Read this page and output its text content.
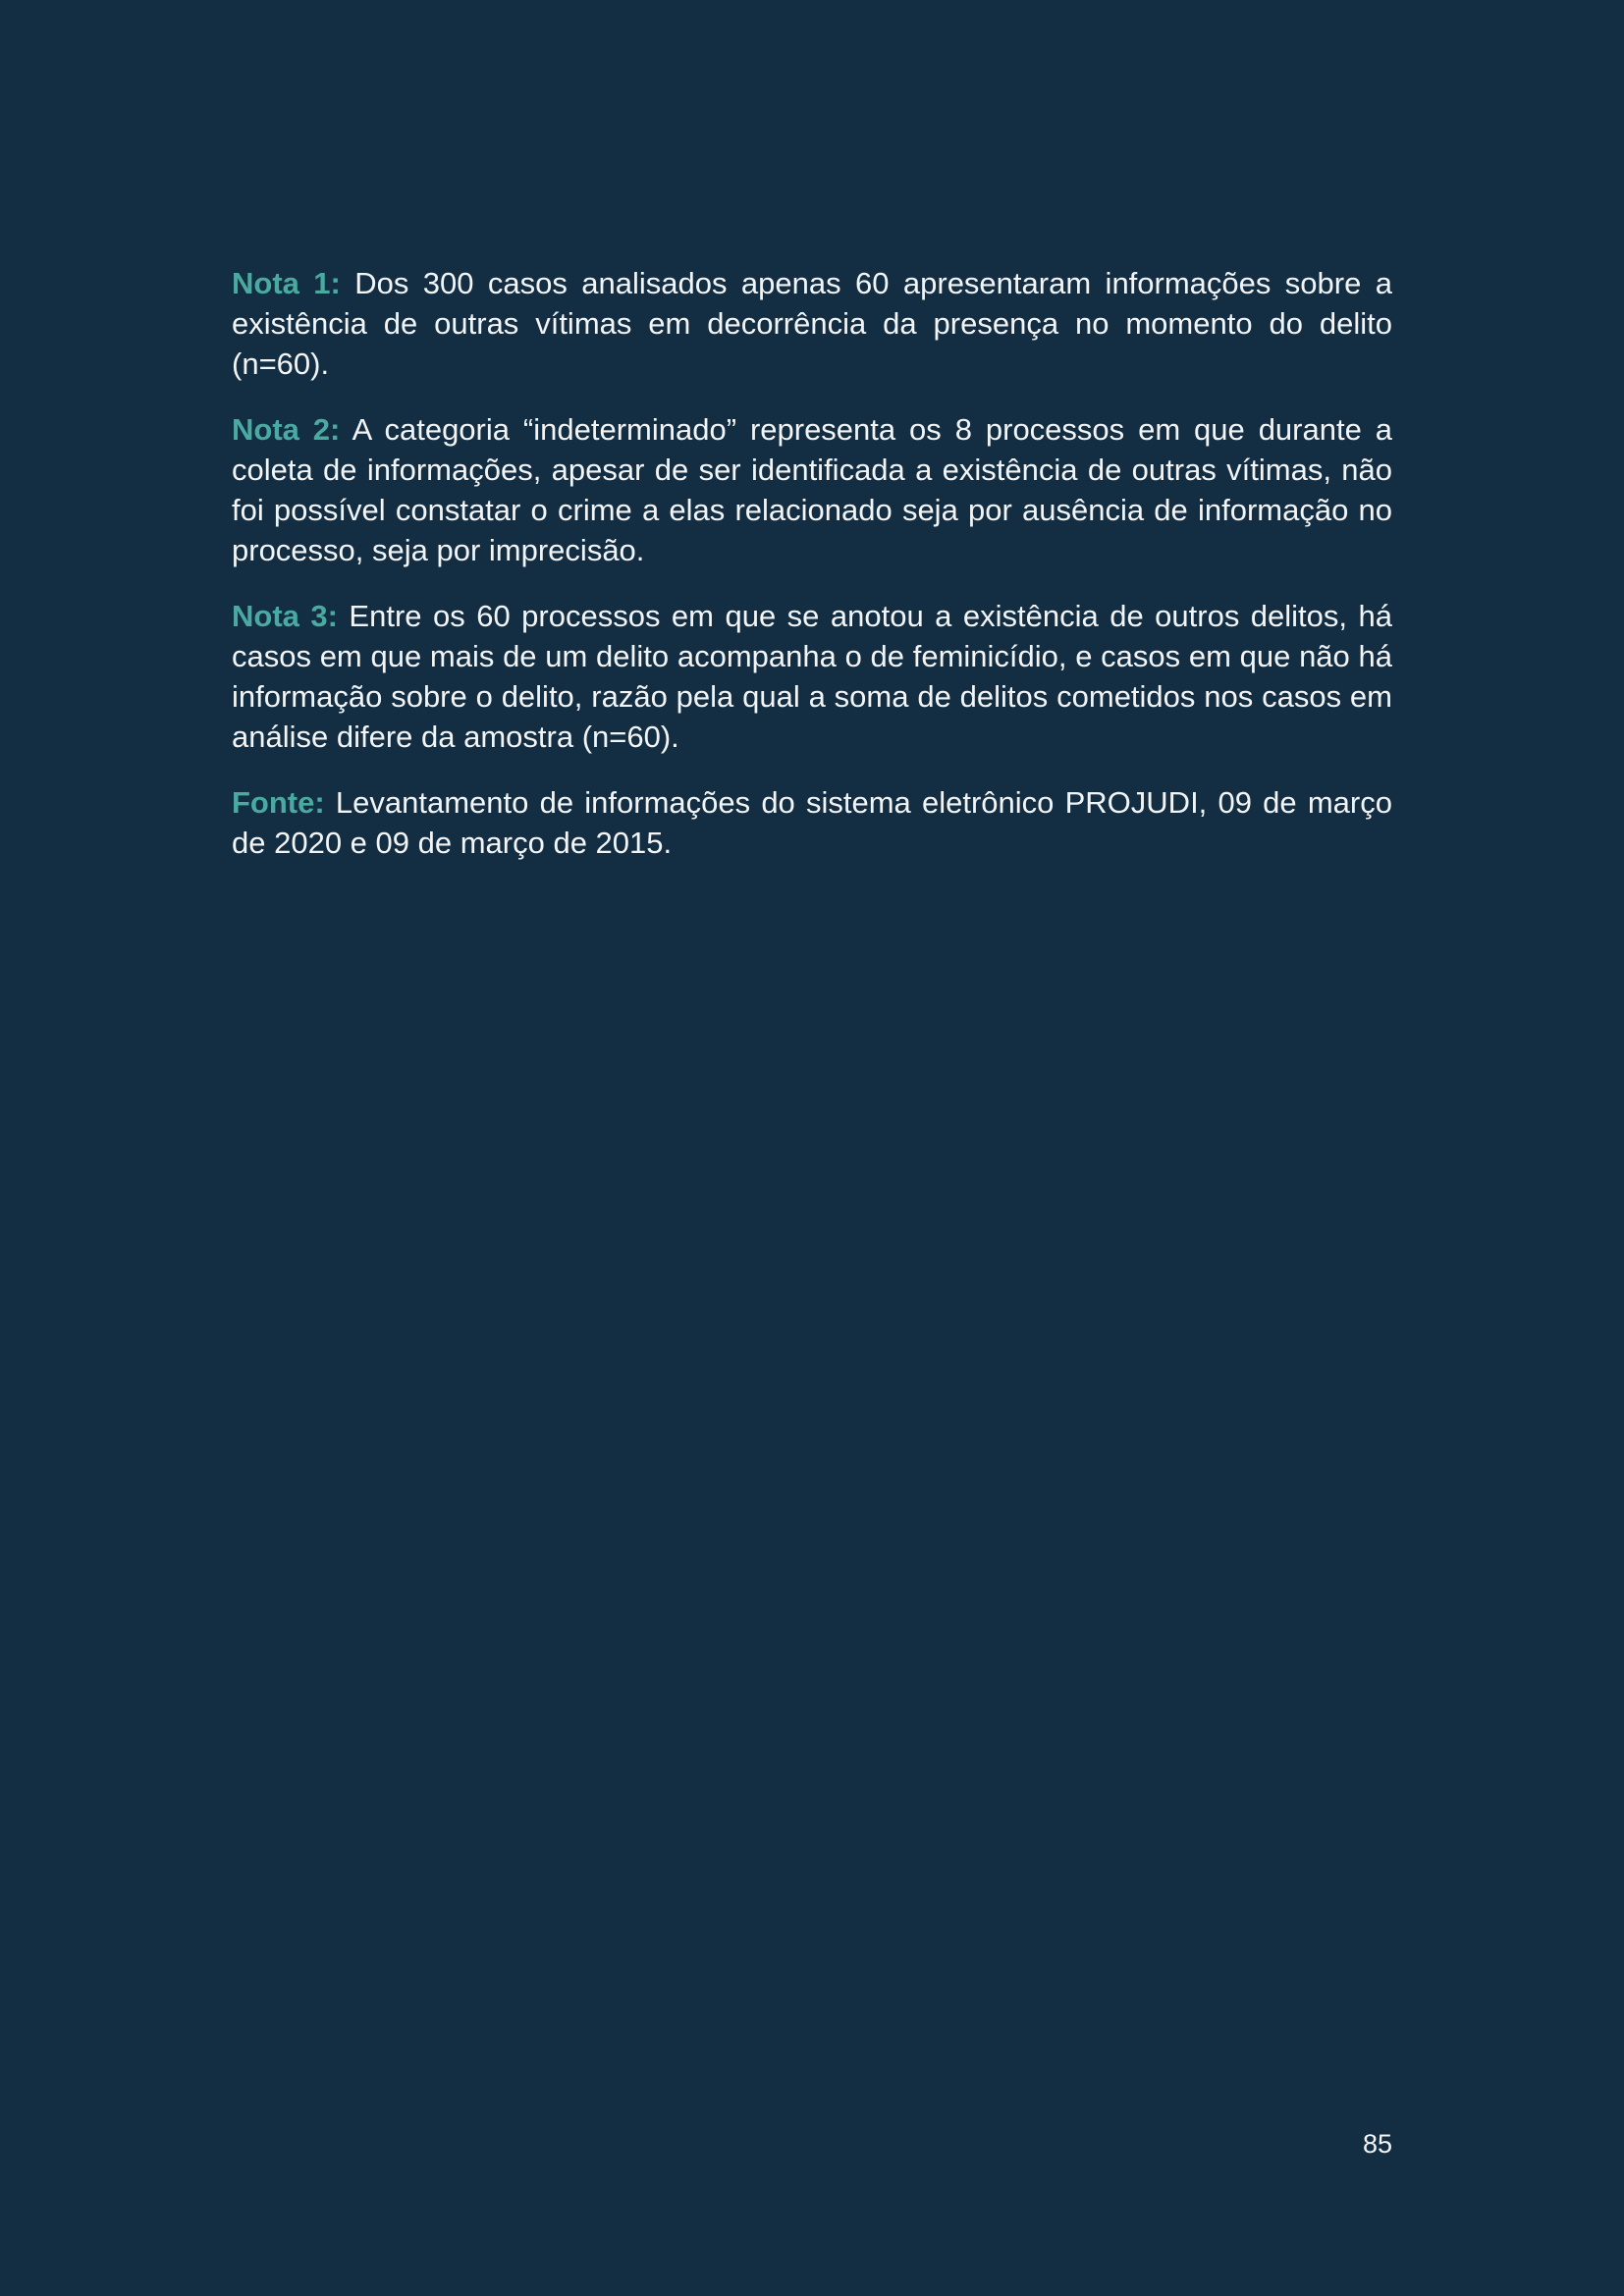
Nota 1: Dos 300 casos analisados apenas 60 apresentaram informações sobre a existência de outras vítimas em decorrência da presença no momento do delito (n=60).

Nota 2: A categoria “indeterminado” representa os 8 processos em que durante a coleta de informações, apesar de ser identificada a existência de outras vítimas, não foi possível constatar o crime a elas relacionado seja por ausência de informação no processo, seja por imprecisão.

Nota 3: Entre os 60 processos em que se anotou a existência de outros delitos, há casos em que mais de um delito acompanha o de feminicídio, e casos em que não há informação sobre o delito, razão pela qual a soma de delitos cometidos nos casos em análise difere da amostra (n=60).

Fonte: Levantamento de informações do sistema eletrônico PROJUDI, 09 de março de 2020 e 09 de março de 2015.

85
